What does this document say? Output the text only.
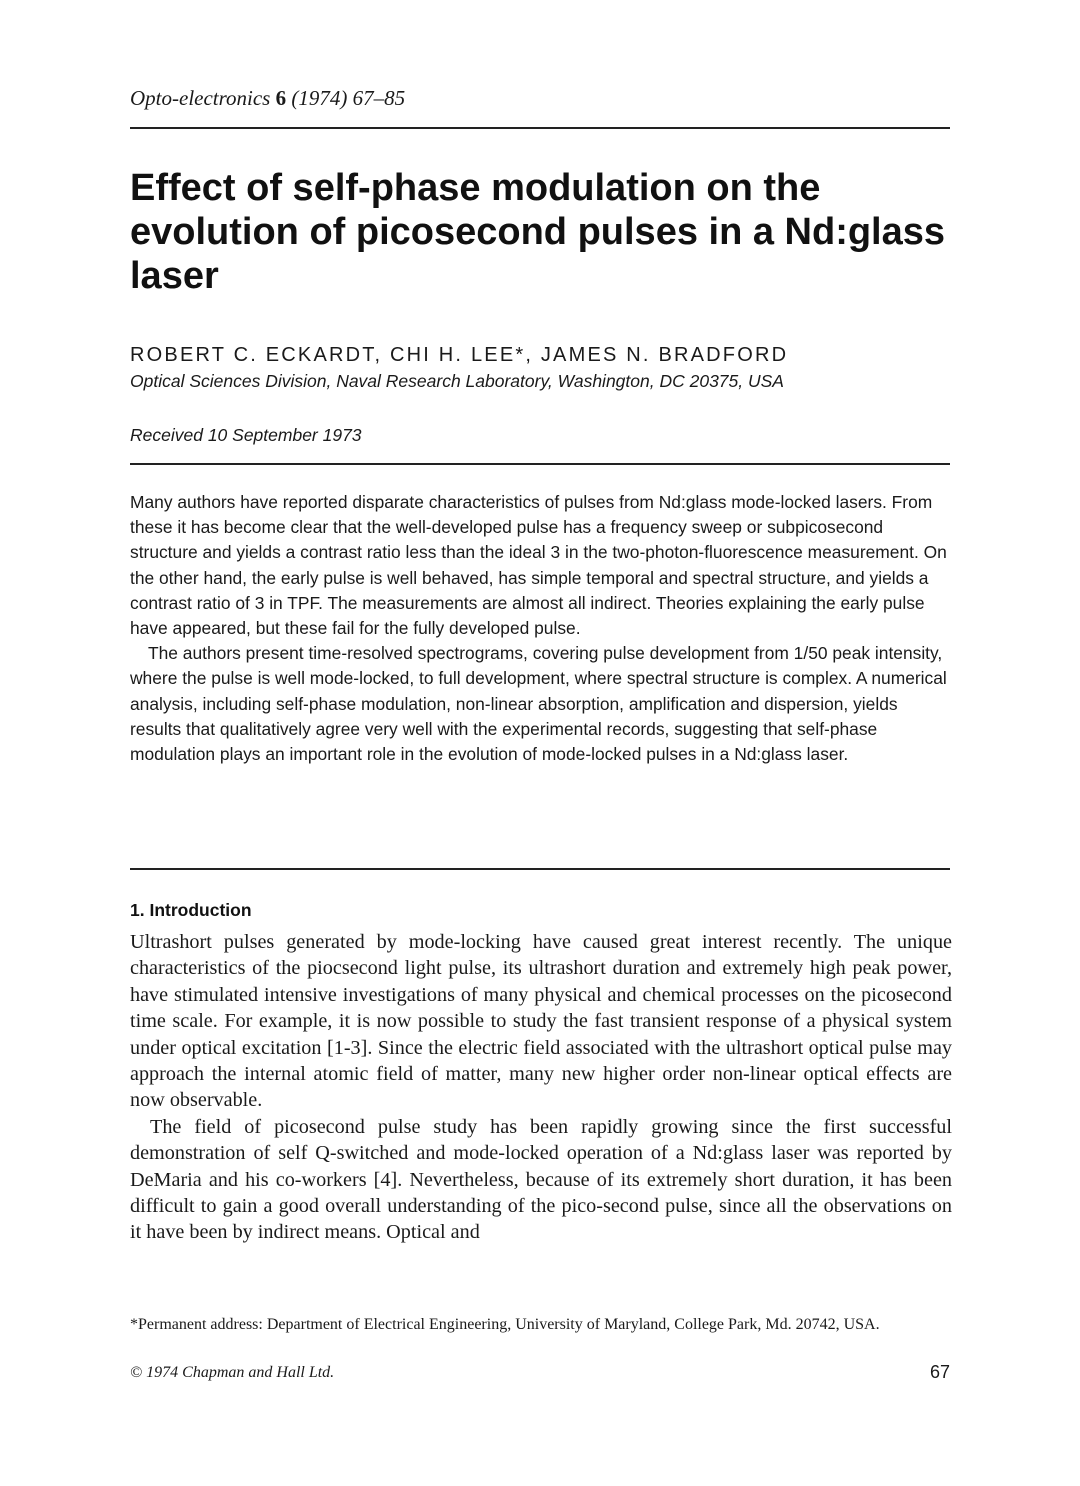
Opto-electronics 6 (1974) 67–85

Effect of self-phase modulation on the evolution of picosecond pulses in a Nd:glass laser

ROBERT C. ECKARDT, CHI H. LEE*, JAMES N. BRADFORD

Optical Sciences Division, Naval Research Laboratory, Washington, DC 20375, USA

Received 10 September 1973

Many authors have reported disparate characteristics of pulses from Nd:glass mode-locked lasers. From these it has become clear that the well-developed pulse has a frequency sweep or subpicosecond structure and yields a contrast ratio less than the ideal 3 in the two-photon-fluorescence measurement. On the other hand, the early pulse is well behaved, has simple temporal and spectral structure, and yields a contrast ratio of 3 in TPF. The measurements are almost all indirect. Theories explaining the early pulse have appeared, but these fail for the fully developed pulse.

The authors present time-resolved spectrograms, covering pulse development from 1/50 peak intensity, where the pulse is well mode-locked, to full development, where spectral structure is complex. A numerical analysis, including self-phase modulation, non-linear absorption, amplification and dispersion, yields results that qualitatively agree very well with the experimental records, suggesting that self-phase modulation plays an important role in the evolution of mode-locked pulses in a Nd:glass laser.

1. Introduction

Ultrashort pulses generated by mode-locking have caused great interest recently. The unique characteristics of the piocsecond light pulse, its ultrashort duration and extremely high peak power, have stimulated intensive investigations of many physical and chemical processes on the picosecond time scale. For example, it is now possible to study the fast transient response of a physical system under optical excitation [1-3]. Since the electric field associated with the ultrashort optical pulse may approach the internal atomic field of matter, many new higher order non-linear optical effects are now observable.

The field of picosecond pulse study has been rapidly growing since the first successful demonstration of self Q-switched and mode-locked operation of a Nd:glass laser was reported by DeMaria and his co-workers [4]. Nevertheless, because of its extremely short duration, it has been difficult to gain a good overall understanding of the pico-second pulse, since all the observations on it have been by indirect means. Optical and

*Permanent address: Department of Electrical Engineering, University of Maryland, College Park, Md. 20742, USA.

© 1974 Chapman and Hall Ltd.	67
